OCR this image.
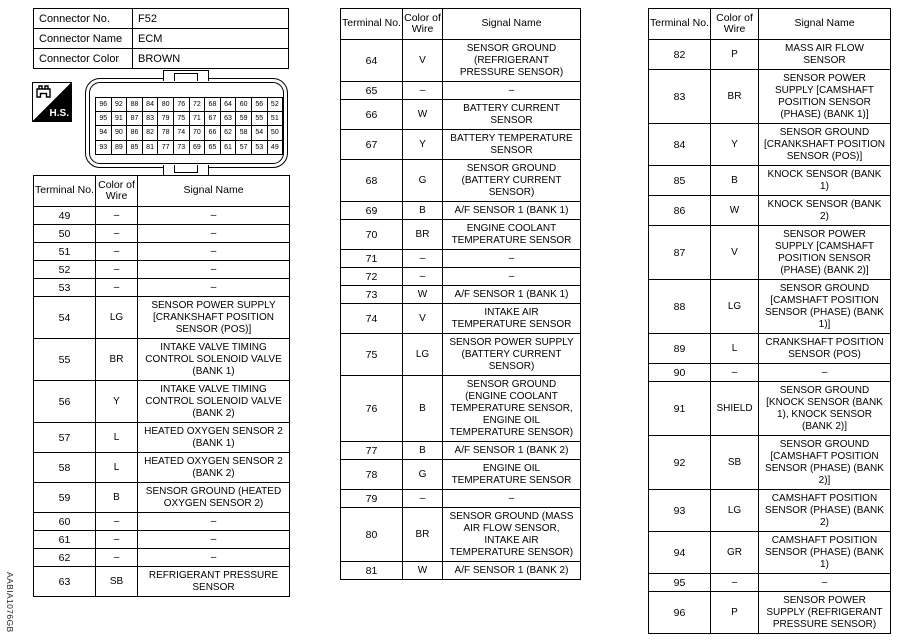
Connector No.	F52
Connector Name	ECM
Connector Color	BROWN
H.S.
96	92	88	84	80	76	72	68	64	60	56	52
95	91	87	83	79	75	71	67	63	59	55	51
94	90	86	82	78	74	70	66	62	58	54	50
93	89	85	81	77	73	69	65	61	57	53	49
Terminal No.	Color of Wire	Signal Name
49	–	–
50	–	–
51	–	–
52	–	–
53	–	–
54	LG	SENSOR POWER SUPPLY [CRANKSHAFT POSITION SENSOR (POS)]
55	BR	INTAKE VALVE TIMING CONTROL SOLENOID VALVE (BANK 1)
56	Y	INTAKE VALVE TIMING CONTROL SOLENOID VALVE (BANK 2)
57	L	HEATED OXYGEN SENSOR 2 (BANK 1)
58	L	HEATED OXYGEN SENSOR 2 (BANK 2)
59	B	SENSOR GROUND (HEATED OXYGEN SENSOR 2)
60	–	–
61	–	–
62	–	–
63	SB	REFRIGERANT PRESSURE SENSOR
Terminal No.	Color of Wire	Signal Name
64	V	SENSOR GROUND (REFRIGERANT PRESSURE SENSOR)
65	–	–
66	W	BATTERY CURRENT SENSOR
67	Y	BATTERY TEMPERATURE SENSOR
68	G	SENSOR GROUND (BATTERY CURRENT SENSOR)
69	B	A/F SENSOR 1 (BANK 1)
70	BR	ENGINE COOLANT TEMPERATURE SENSOR
71	–	–
72	–	–
73	W	A/F SENSOR 1 (BANK 1)
74	V	INTAKE AIR TEMPERATURE SENSOR
75	LG	SENSOR POWER SUPPLY (BATTERY CURRENT SENSOR)
76	B	SENSOR GROUND (ENGINE COOLANT TEMPERATURE SENSOR, ENGINE OIL TEMPERATURE SENSOR)
77	B	A/F SENSOR 1 (BANK 2)
78	G	ENGINE OIL TEMPERATURE SENSOR
79	–	–
80	BR	SENSOR GROUND (MASS AIR FLOW SENSOR, INTAKE AIR TEMPERATURE SENSOR)
81	W	A/F SENSOR 1 (BANK 2)
Terminal No.	Color of Wire	Signal Name
82	P	MASS AIR FLOW SENSOR
83	BR	SENSOR POWER SUPPLY [CAMSHAFT POSITION SENSOR (PHASE) (BANK 1)]
84	Y	SENSOR GROUND [CRANKSHAFT POSITION SENSOR (POS)]
85	B	KNOCK SENSOR (BANK 1)
86	W	KNOCK SENSOR (BANK 2)
87	V	SENSOR POWER SUPPLY [CAMSHAFT POSITION SENSOR (PHASE) (BANK 2)]
88	LG	SENSOR GROUND [CAMSHAFT POSITION SENSOR (PHASE) (BANK 1)]
89	L	CRANKSHAFT POSITION SENSOR (POS)
90	–	–
91	SHIELD	SENSOR GROUND [KNOCK SENSOR (BANK 1), KNOCK SENSOR (BANK 2)]
92	SB	SENSOR GROUND [CAMSHAFT POSITION SENSOR (PHASE) (BANK 2)]
93	LG	CAMSHAFT POSITION SENSOR (PHASE) (BANK 2)
94	GR	CAMSHAFT POSITION SENSOR (PHASE) (BANK 1)
95	–	–
96	P	SENSOR POWER SUPPLY (REFRIGERANT PRESSURE SENSOR)
AABIA1076GB
